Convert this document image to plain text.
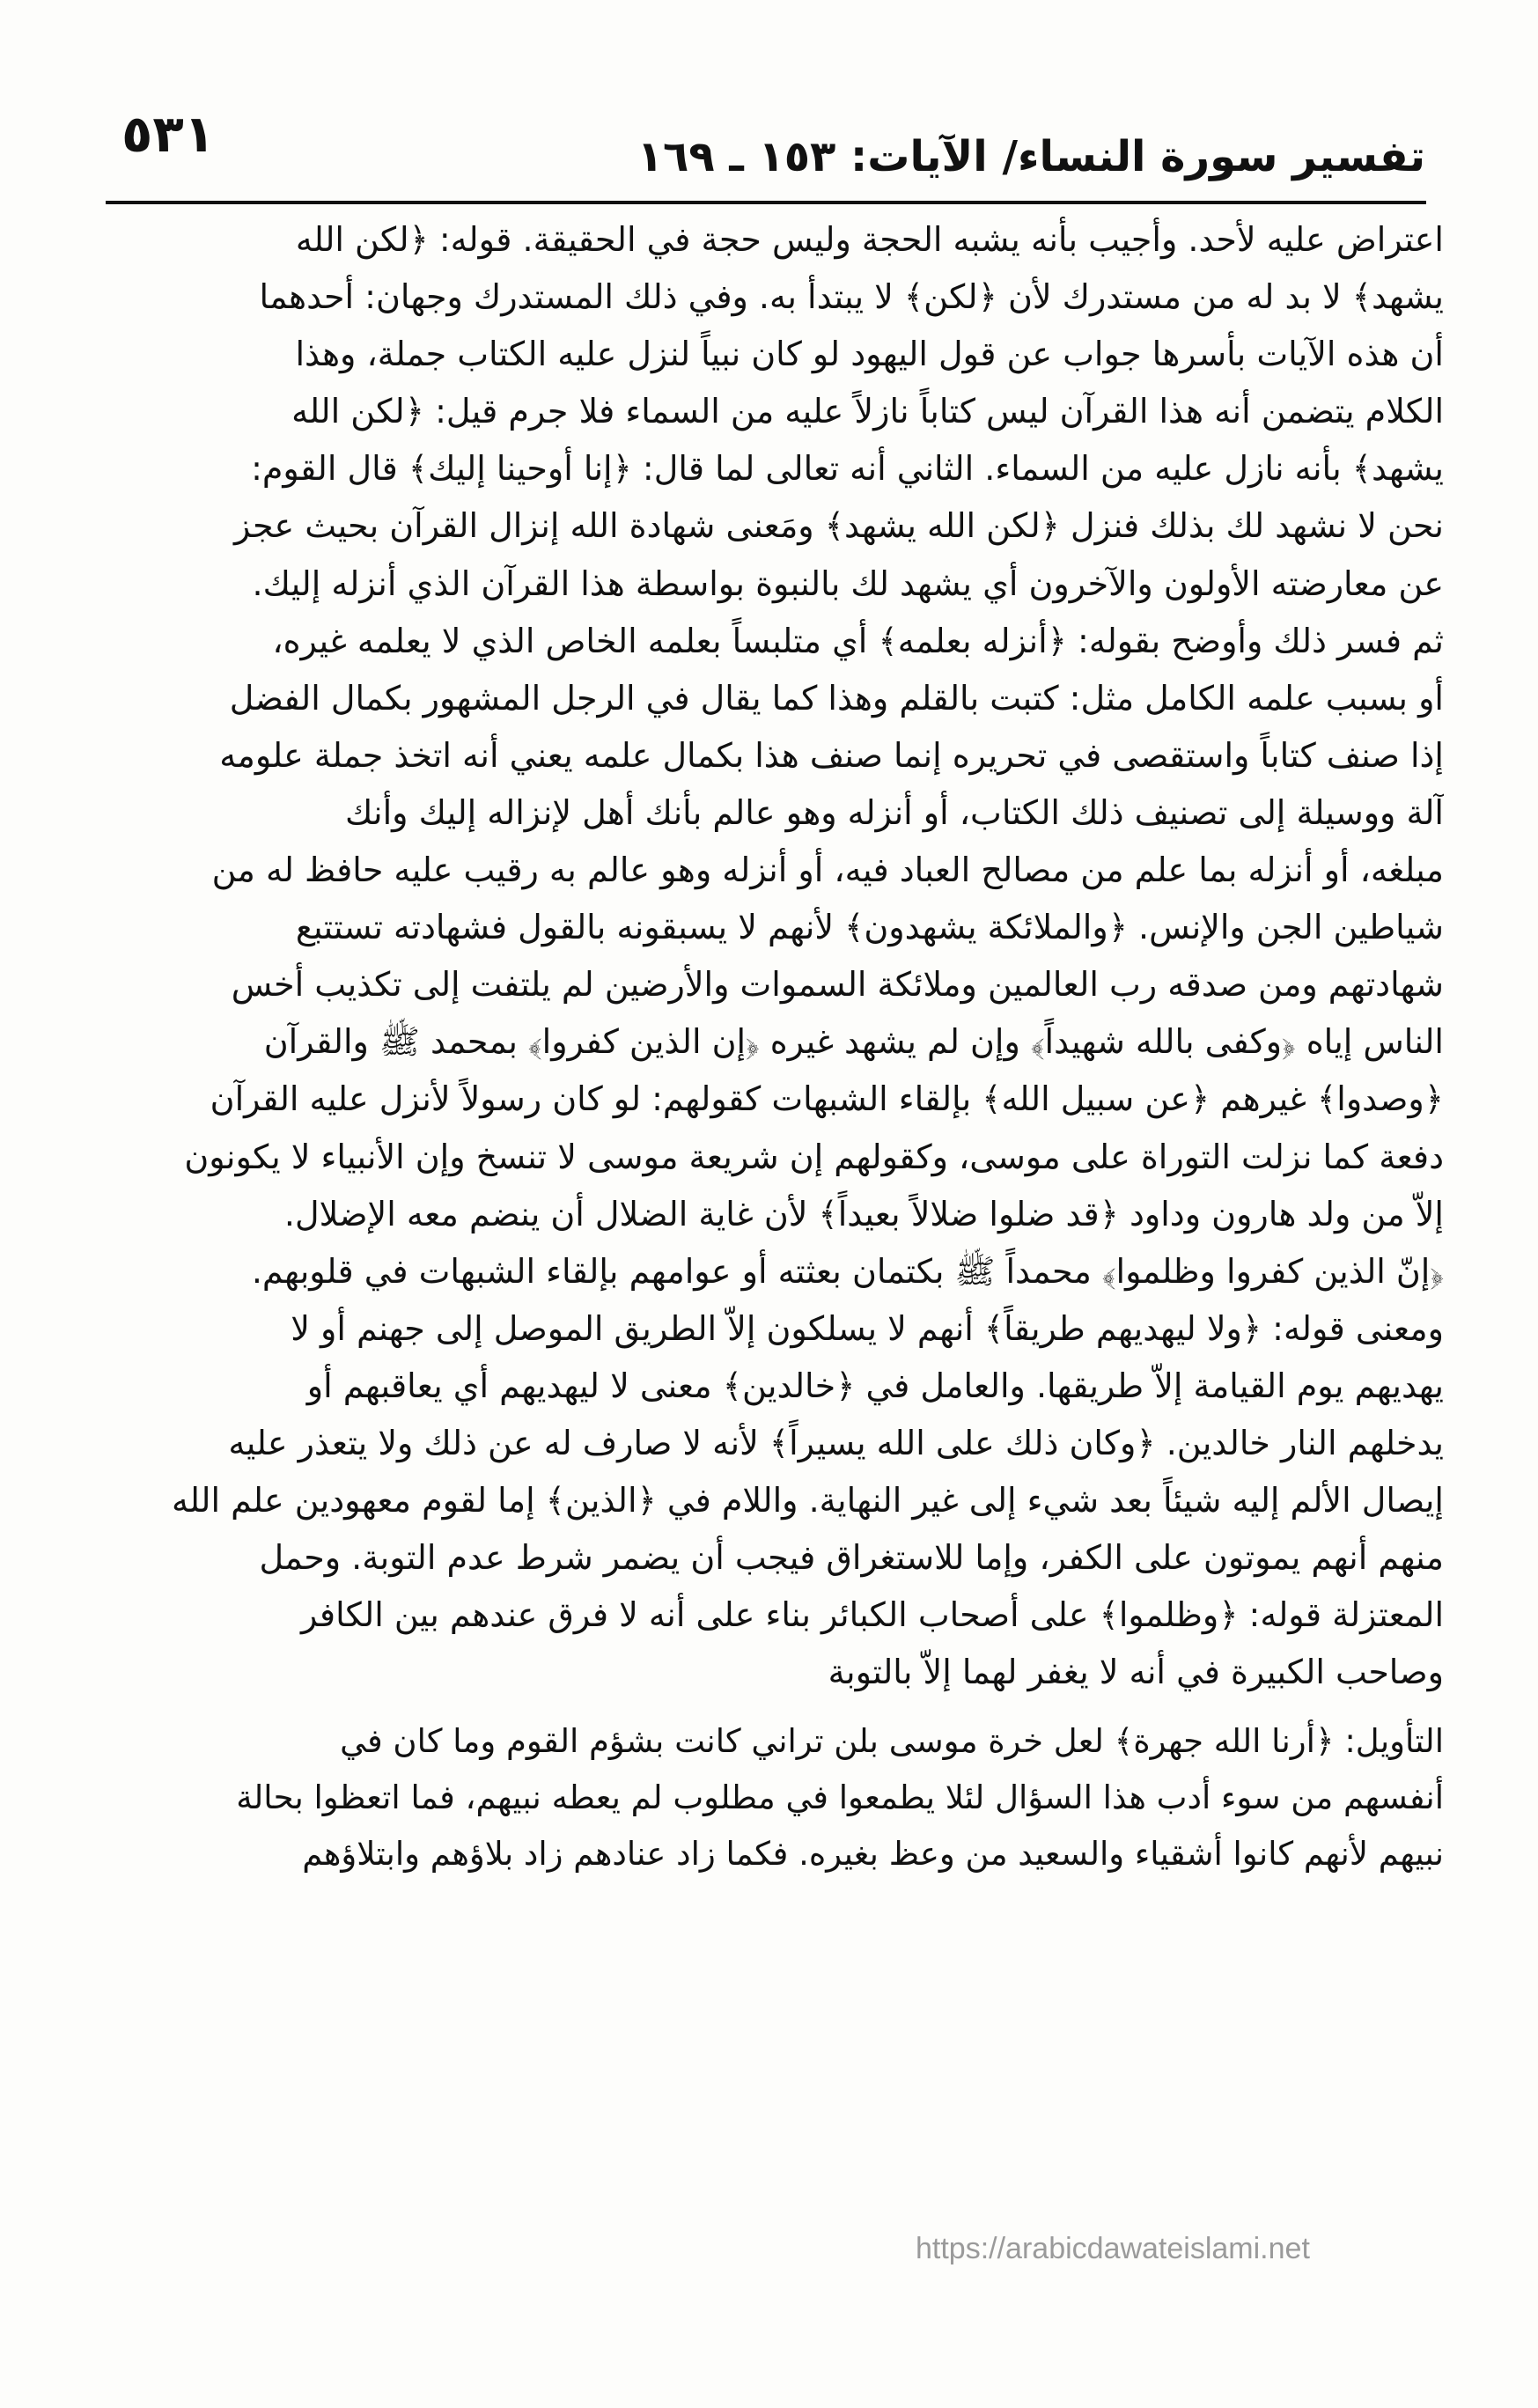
٥٣١	تفسير سورة النساء/ الآيات: ١٥٣ ـ ١٦٩
اعتراض عليه لأحد. وأجيب بأنه يشبه الحجة وليس حجة في الحقيقة. قوله: ﴿لكن الله
يشهد﴾ لا بد له من مستدرك لأن ﴿لكن﴾ لا يبتدأ به. وفي ذلك المستدرك وجهان: أحدهما
أن هذه الآيات بأسرها جواب عن قول اليهود لو كان نبياً لنزل عليه الكتاب جملة، وهذا
الكلام يتضمن أنه هذا القرآن ليس كتاباً نازلاً عليه من السماء فلا جرم قيل: ﴿لكن الله
يشهد﴾ بأنه نازل عليه من السماء. الثاني أنه تعالى لما قال: ﴿إنا أوحينا إليك﴾ قال القوم:
نحن لا نشهد لك بذلك فنزل ﴿لكن الله يشهد﴾ ومَعنى شهادة الله إنزال القرآن بحيث عجز
عن معارضته الأولون والآخرون أي يشهد لك بالنبوة بواسطة هذا القرآن الذي أنزله إليك.
ثم فسر ذلك وأوضح بقوله: ﴿أنزله بعلمه﴾ أي متلبساً بعلمه الخاص الذي لا يعلمه غيره،
أو بسبب علمه الكامل مثل: كتبت بالقلم وهذا كما يقال في الرجل المشهور بكمال الفضل
إذا صنف كتاباً واستقصى في تحريره إنما صنف هذا بكمال علمه يعني أنه اتخذ جملة علومه
آلة ووسيلة إلى تصنيف ذلك الكتاب، أو أنزله وهو عالم بأنك أهل لإنزاله إليك وأنك
مبلغه، أو أنزله بما علم من مصالح العباد فيه، أو أنزله وهو عالم به رقيب عليه حافظ له من
شياطين الجن والإنس. ﴿والملائكة يشهدون﴾ لأنهم لا يسبقونه بالقول فشهادته تستتبع
شهادتهم ومن صدقه رب العالمين وملائكة السموات والأرضين لم يلتفت إلى تكذيب أخس
الناس إياه ﴿وكفى بالله شهيداً﴾ وإن لم يشهد غيره ﴿إن الذين كفروا﴾ بمحمد ﷺ والقرآن
﴿وصدوا﴾ غيرهم ﴿عن سبيل الله﴾ بإلقاء الشبهات كقولهم: لو كان رسولاً لأنزل عليه القرآن
دفعة كما نزلت التوراة على موسى، وكقولهم إن شريعة موسى لا تنسخ وإن الأنبياء لا يكونون
إلاّ من ولد هارون وداود ﴿قد ضلوا ضلالاً بعيداً﴾ لأن غاية الضلال أن ينضم معه الإضلال.
﴿إنّ الذين كفروا وظلموا﴾ محمداً ﷺ بكتمان بعثته أو عوامهم بإلقاء الشبهات في قلوبهم.
ومعنى قوله: ﴿ولا ليهديهم طريقاً﴾ أنهم لا يسلكون إلاّ الطريق الموصل إلى جهنم أو لا
يهديهم يوم القيامة إلاّ طريقها. والعامل في ﴿خالدين﴾ معنى لا ليهديهم أي يعاقبهم أو
يدخلهم النار خالدين. ﴿وكان ذلك على الله يسيراً﴾ لأنه لا صارف له عن ذلك ولا يتعذر عليه
إيصال الألم إليه شيئاً بعد شيء إلى غير النهاية. واللام في ﴿الذين﴾ إما لقوم معهودين علم الله
منهم أنهم يموتون على الكفر، وإما للاستغراق فيجب أن يضمر شرط عدم التوبة. وحمل
المعتزلة قوله: ﴿وظلموا﴾ على أصحاب الكبائر بناء على أنه لا فرق عندهم بين الكافر
وصاحب الكبيرة في أنه لا يغفر لهما إلاّ بالتوبة
التأويل: ﴿أرنا الله جهرة﴾ لعل خرة موسى بلن تراني كانت بشؤم القوم وما كان في
أنفسهم من سوء أدب هذا السؤال لئلا يطمعوا في مطلوب لم يعطه نبيهم، فما اتعظوا بحالة
نبيهم لأنهم كانوا أشقياء والسعيد من وعظ بغيره. فكما زاد عنادهم زاد بلاؤهم وابتلاؤهم
https://arabicdawateislami.net
